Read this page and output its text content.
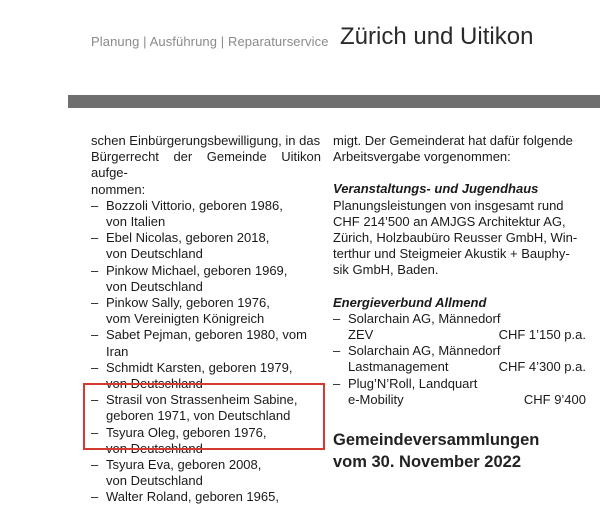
Planung | Ausführung | Reparaturservice Zürich und Uitikon

schen Einbürgerungsbewilligung, in das
Bürgerrecht der Gemeinde Uitikon aufge-
nommen:

– Bozzoli Vittorio, geboren 1986,
von Italien
– Ebel Nicolas, geboren 2018,
von Deutschland
– Pinkow Michael, geboren 1969,
von Deutschland
– Pinkow Sally, geboren 1976,
vom Vereinigten Königreich
– Sabet Pejman, geboren 1980, vom Iran
– Schmidt Karsten, geboren 1979,
von Deutschland
– Strasil von Strassenheim Sabine,
geboren 1971, von Deutschland
– Tsyura Oleg, geboren 1976,
von Deutschland
– Tsyura Eva, geboren 2008,
von Deutschland
– Walter Roland, geboren 1965,

migt. Der Gemeinderat hat dafür folgende
Arbeitsvergabe vorgenommen:

Veranstaltungs- und Jugendhaus

Planungsleistungen von insgesamt rund
CHF 214’500 an AMJGS Architektur AG,
Zürich, Holzbaubüro Reusser GmbH, Win-
terthur und Steigmeier Akustik + Bauphy-
sik GmbH, Baden.

Energieverbund Allmend
– Solarchain AG, Männedorf
ZEV	CHF 1’150 p.a.
– Solarchain AG, Männedorf
Lastmanagement	CHF 4’300 p.a.
– Plug’N’Roll, Landquart
e-Mobility	CHF 9’400
Gemeindeversammlungen
vom 30. November 2022
